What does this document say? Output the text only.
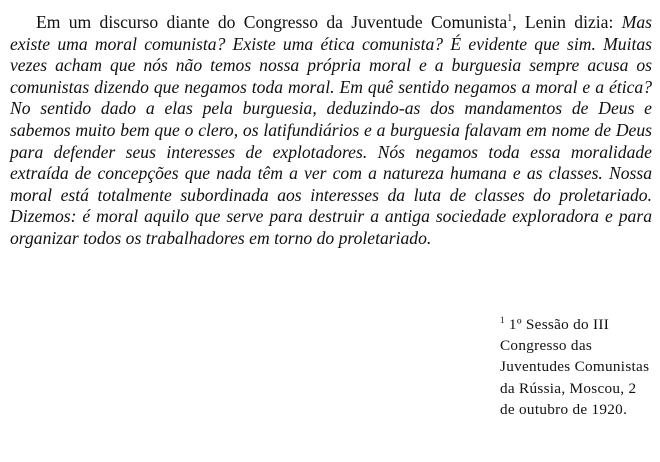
Em um discurso diante do Congresso da Juventude Comunista$^1$, Lenin dizia: Mas existe uma moral comunista? Existe uma ética comunista? É evidente que sim. Muitas vezes acham que nós não temos nossa própria moral e a burguesia sempre acusa os comunistas dizendo que negamos toda moral. Em quê sentido negamos a moral e a ética?No sentido dado a elas pela burguesia, deduzindo-as dos mandamentos de Deus e sabemos muito bem que o clero, os latifundiários e a burguesia falavam em nome de Deus para defender seus interesses de explotadores. Nós negamos toda essa moralidade extraída de concepções que nada têm a ver com a natureza humana e as classes. Nossa moral está totalmente subordinada aos interesses da luta de classes do proletariado. Dizemos: é moral aquilo que serve para destruir a antiga sociedade exploradora e para organizar todos os trabalhadores em torno do proletariado.

$^1$ 1º Sessão do III Congresso das Juventudes Comunistas da Rússia, Moscou, 2 de outubro de 1920.
